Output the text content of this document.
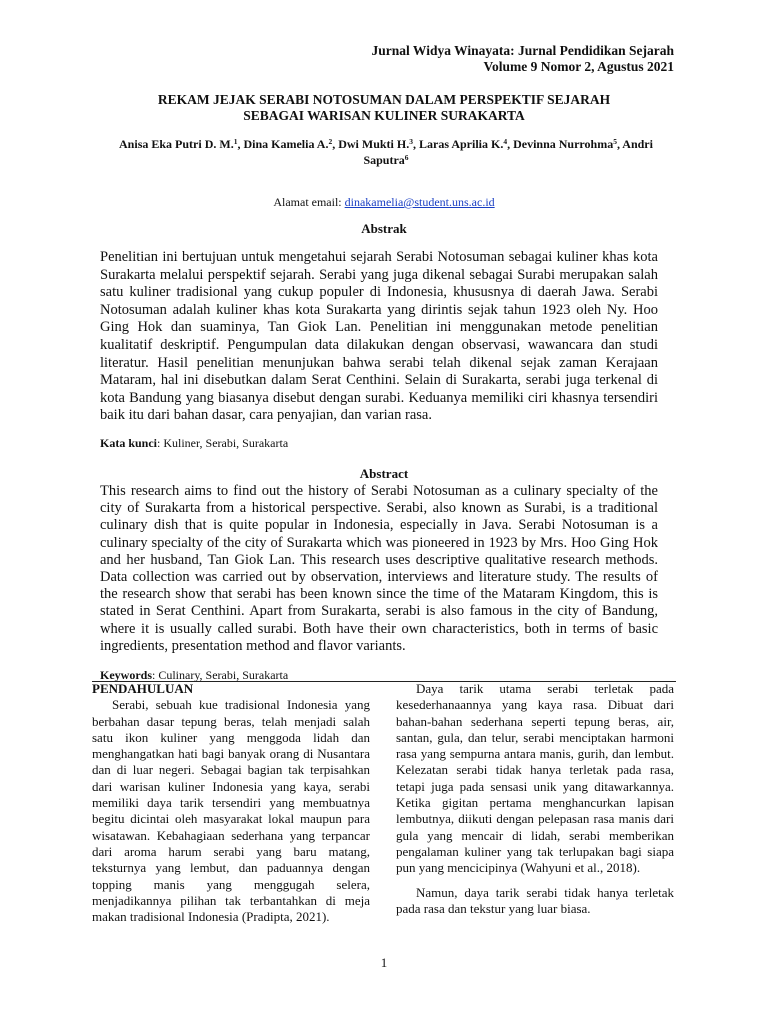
Jurnal Widya Winayata: Jurnal Pendidikan Sejarah
Volume 9 Nomor 2, Agustus 2021
REKAM JEJAK SERABI NOTOSUMAN DALAM PERSPEKTIF SEJARAH
SEBAGAI WARISAN KULINER SURAKARTA
Anisa Eka Putri D. M.$^1$, Dina Kamelia A.$^2$, Dwi Mukti H.$^3$, Laras Aprilia K.$^4$, Devinna Nurrohma$^5$, Andri Saputra$^6$
Alamat email: dinakamelia@student.uns.ac.id
Abstrak
Penelitian ini bertujuan untuk mengetahui sejarah Serabi Notosuman sebagai kuliner khas kota Surakarta melalui perspektif sejarah. Serabi yang juga dikenal sebagai Surabi merupakan salah satu kuliner tradisional yang cukup populer di Indonesia, khususnya di daerah Jawa. Serabi Notosuman adalah kuliner khas kota Surakarta yang dirintis sejak tahun 1923 oleh Ny. Hoo Ging Hok dan suaminya, Tan Giok Lan. Penelitian ini menggunakan metode penelitian kualitatif deskriptif. Pengumpulan data dilakukan dengan observasi, wawancara dan studi literatur. Hasil penelitian menunjukan bahwa serabi telah dikenal sejak zaman Kerajaan Mataram, hal ini disebutkan dalam Serat Centhini. Selain di Surakarta, serabi juga terkenal di kota Bandung yang biasanya disebut dengan surabi. Keduanya memiliki ciri khasnya tersendiri baik itu dari bahan dasar, cara penyajian, dan varian rasa.
Kata kunci: Kuliner, Serabi, Surakarta
Abstract
This research aims to find out the history of Serabi Notosuman as a culinary specialty of the city of Surakarta from a historical perspective. Serabi, also known as Surabi, is a traditional culinary dish that is quite popular in Indonesia, especially in Java. Serabi Notosuman is a culinary specialty of the city of Surakarta which was pioneered in 1923 by Mrs. Hoo Ging Hok and her husband, Tan Giok Lan. This research uses descriptive qualitative research methods. Data collection was carried out by observation, interviews and literature study. The results of the research show that serabi has been known since the time of the Mataram Kingdom, this is stated in Serat Centhini. Apart from Surakarta, serabi is also famous in the city of Bandung, where it is usually called surabi. Both have their own characteristics, both in terms of basic ingredients, presentation method and flavor variants.
Keywords: Culinary, Serabi, Surakarta
PENDAHULUAN

Serabi, sebuah kue tradisional Indonesia yang berbahan dasar tepung beras, telah menjadi salah satu ikon kuliner yang menggoda lidah dan menghangatkan hati bagi banyak orang di Nusantara dan di luar negeri. Sebagai bagian tak terpisahkan dari warisan kuliner Indonesia yang kaya, serabi memiliki daya tarik tersendiri yang membuatnya begitu dicintai oleh masyarakat lokal maupun para wisatawan. Kebahagiaan sederhana yang terpancar dari aroma harum serabi yang baru matang, teksturnya yang lembut, dan paduannya dengan topping manis yang menggugah selera, menjadikannya pilihan tak terbantahkan di meja makan tradisional Indonesia (Pradipta, 2021).

Daya tarik utama serabi terletak pada kesederhanaannya yang kaya rasa. Dibuat dari bahan-bahan sederhana seperti tepung beras, air, santan, gula, dan telur, serabi menciptakan harmoni rasa yang sempurna antara manis, gurih, dan lembut. Kelezatan serabi tidak hanya terletak pada rasa, tetapi juga pada sensasi unik yang ditawarkannya. Ketika gigitan pertama menghancurkan lapisan lembutnya, diikuti dengan pelepasan rasa manis dari gula yang mencair di lidah, serabi memberikan pengalaman kuliner yang tak terlupakan bagi siapa pun yang mencicipinya (Wahyuni et al., 2018).

Namun, daya tarik serabi tidak hanya terletak pada rasa dan tekstur yang luar biasa.

1
